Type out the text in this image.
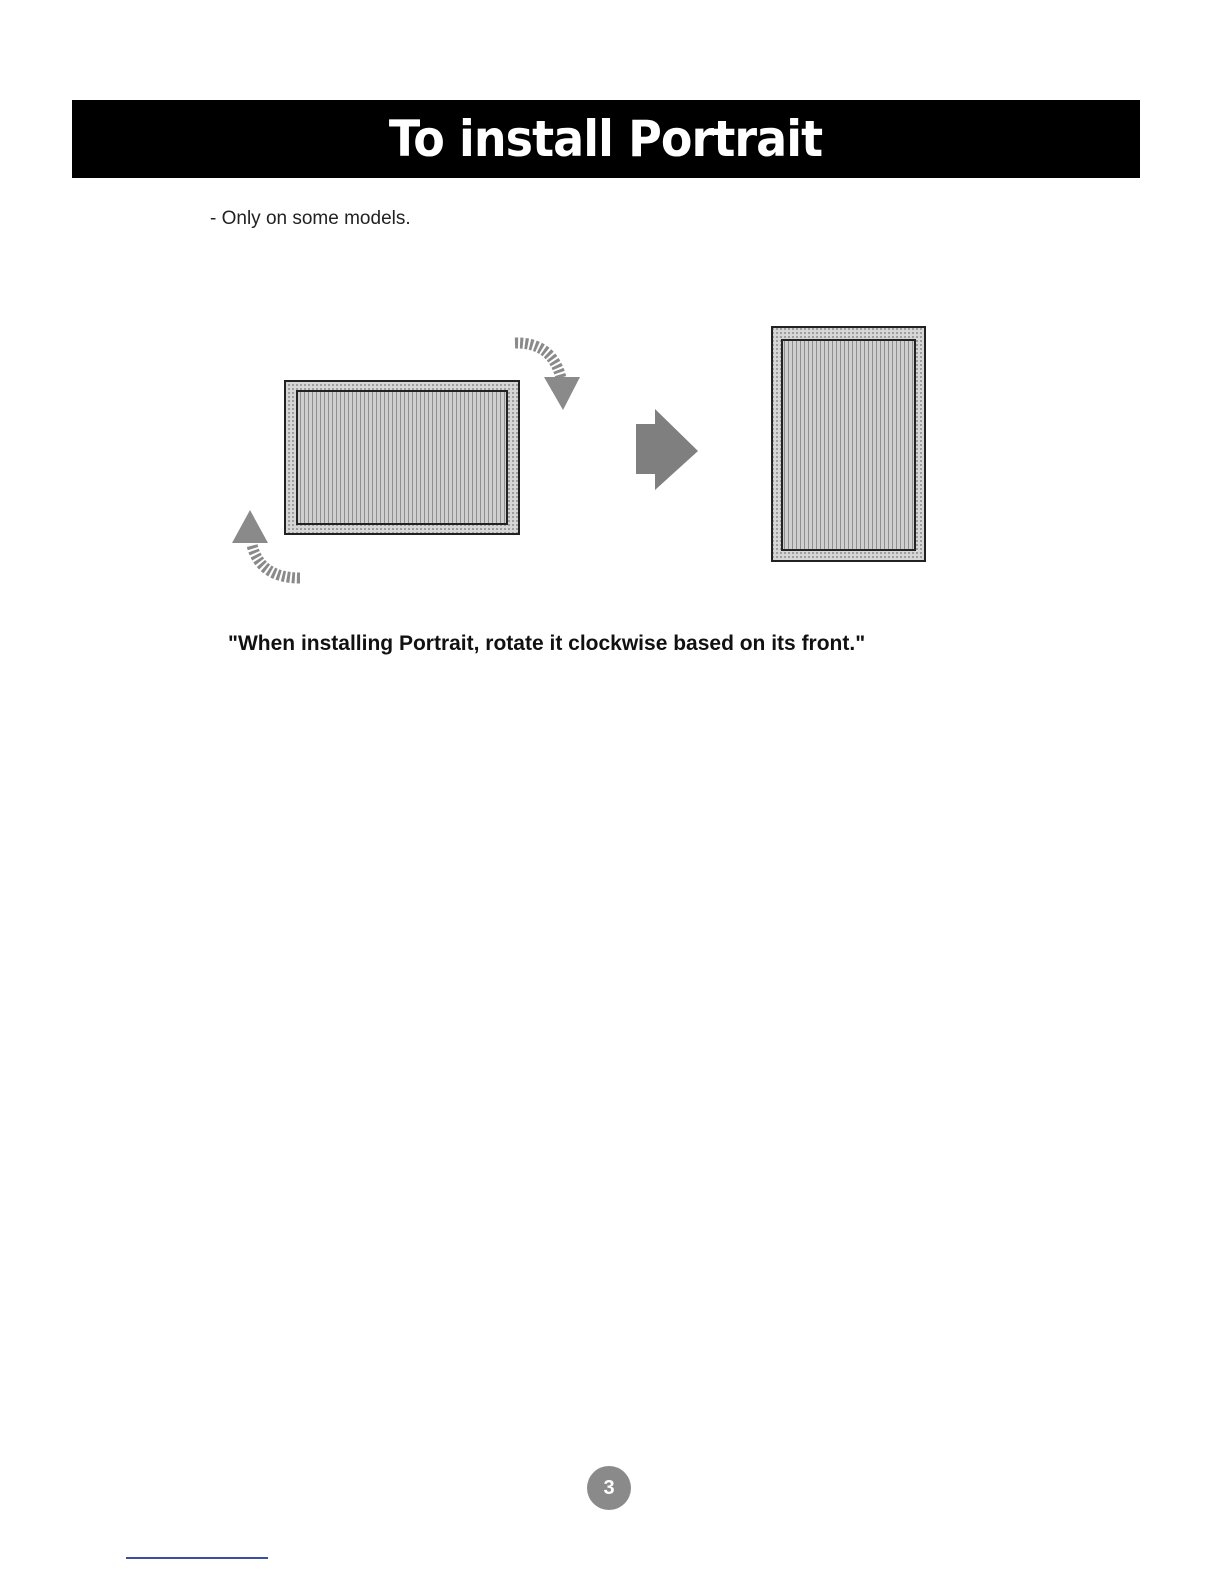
To install Portrait
- Only on some models.
"When installing Portrait, rotate it clockwise based on its front."
3
